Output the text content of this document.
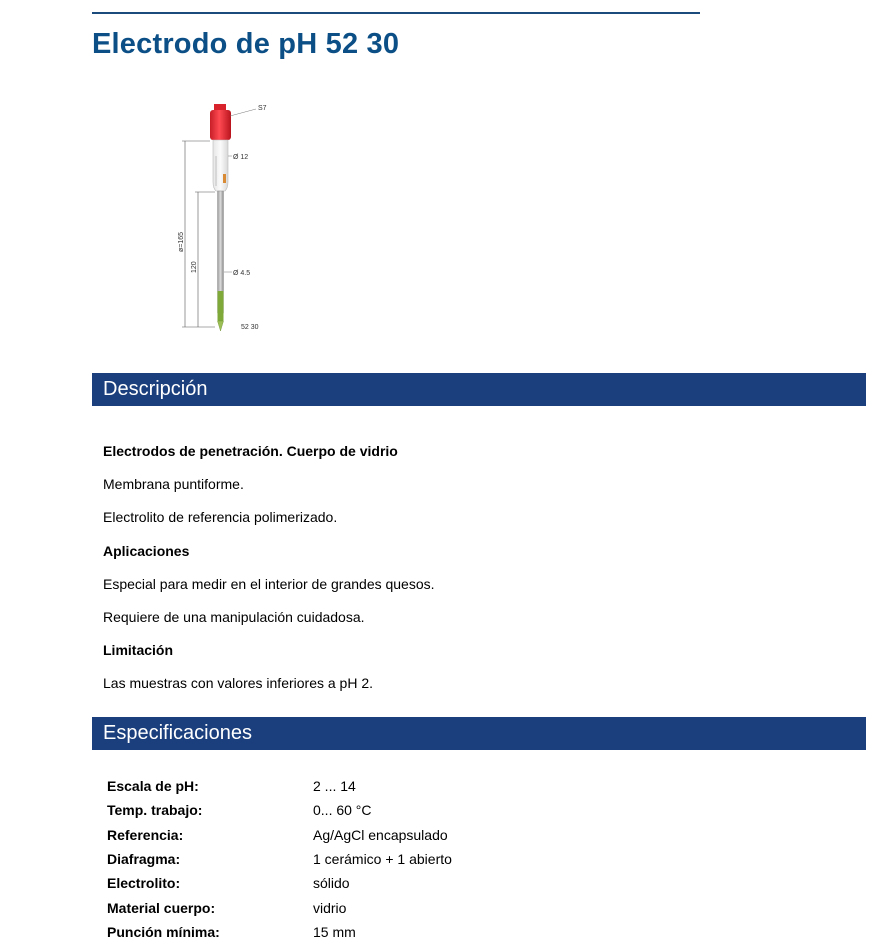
Electrodo de pH 52 30
S7
Ø 12
Ø 4.5
52 30
ø=165
120
Descripción

Electrodos de penetración. Cuerpo de vidrio

Membrana puntiforme.

Electrolito de referencia polimerizado.

Aplicaciones

Especial para medir en el interior de grandes quesos.

Requiere de una manipulación cuidadosa.

Limitación

Las muestras con valores inferiores a pH 2.

Especificaciones
Escala de pH:	2 ... 14
Temp. trabajo:	0... 60 °C
Referencia:	Ag/AgCl encapsulado
Diafragma:	1 cerámico + 1 abierto
Electrolito:	sólido
Material cuerpo:	vidrio
Punción mínima:	15 mm
